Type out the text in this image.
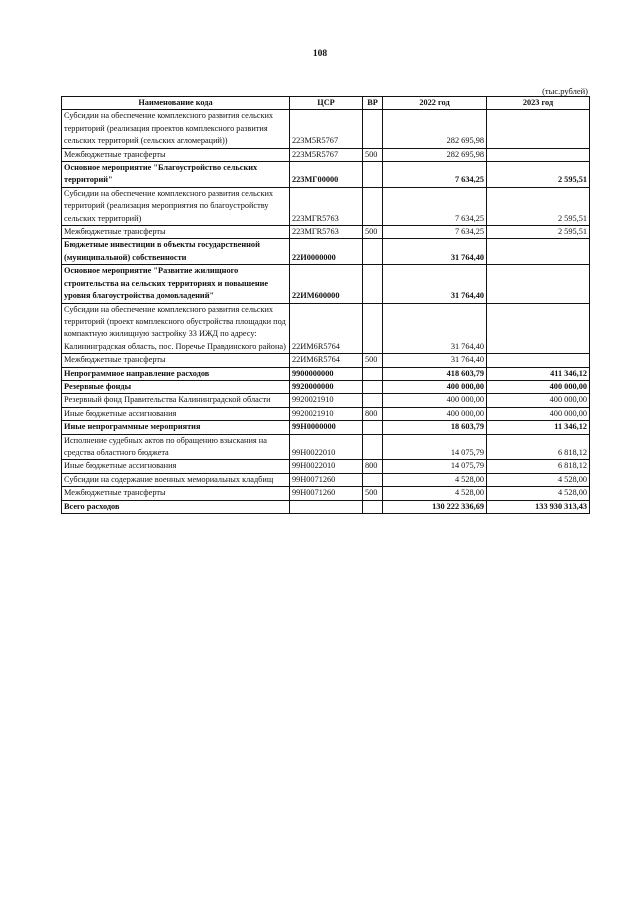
108
(тыс.рублей)
Наименование кода	ЦСР	ВР	2022 год	2023 год
Субсидии на обеспечение комплексного развития сельских территорий (реализация проектов комплексного развития сельских территорий (сельских агломераций))	223M5R5767		282 695,98	
Межбюджетные трансферты	223M5R5767	500	282 695,98	
Основное мероприятие "Благоустройство сельских территорий"	223МГ00000		7 634,25	2 595,51
Субсидии на обеспечение комплексного развития сельских территорий (реализация мероприятия по благоустройству сельских территорий)	223МГR5763		7 634,25	2 595,51
Межбюджетные трансферты	223МГR5763	500	7 634,25	2 595,51
Бюджетные инвестиции в объекты государственной (муниципальной) собственности	22И0000000		31 764,40	
Основное мероприятие "Развитие жилищного строительства на сельских территориях и повышение уровня благоустройства домовладений"	22ИМ600000		31 764,40	
Субсидии на обеспечение комплексного развития сельских территорий (проект комплексного обустройства площадки под компактную жилищную застройку 33 ИЖД по адресу: Калининградская область, пос. Поречье Правдинского района)	22ИМ6R5764		31 764,40	
Межбюджетные трансферты	22ИМ6R5764	500	31 764,40	
Непрограммное направление расходов	9900000000		418 603,79	411 346,12
Резервные фонды	9920000000		400 000,00	400 000,00
Резервный фонд Правительства Калининградской области	9920021910		400 000,00	400 000,00
Иные бюджетные ассигнования	9920021910	800	400 000,00	400 000,00
Иные непрограммные мероприятия	99Н0000000		18 603,79	11 346,12
Исполнение судебных актов по обращению взыскания на средства областного бюджета	99Н0022010		14 075,79	6 818,12
Иные бюджетные ассигнования	99Н0022010	800	14 075,79	6 818,12
Субсидии на содержание военных мемориальных кладбищ	99Н0071260		4 528,00	4 528,00
Межбюджетные трансферты	99Н0071260	500	4 528,00	4 528,00
Всего расходов			130 222 336,69	133 930 313,43
